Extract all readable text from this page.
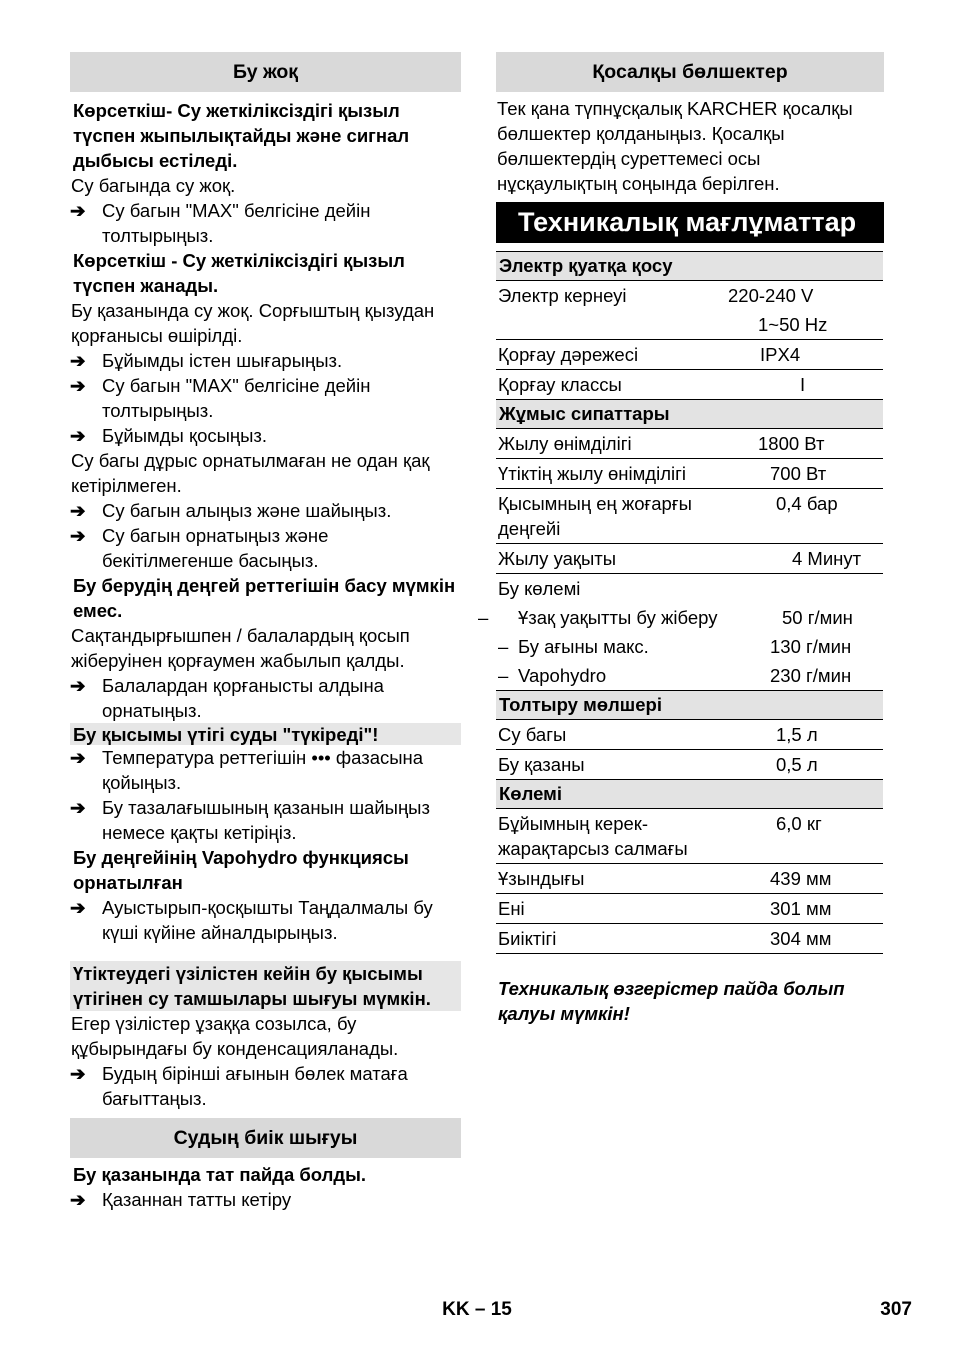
Бу жоқ
Көрсеткіш- Су жеткіліксіздігі қызыл түспен жыпылықтайды және сигнал дыбысы естіледі.
Су багында су жоқ.
➔ Су багын "MAX" белгісіне дейін толтырыңыз.
Көрсеткіш - Су жеткіліксіздігі қызыл түспен жанады.
Бу қазанында су жоқ. Сорғыштың қызудан қорғанысы өшірілді.
➔ Бұйымды істен шығарыңыз.
➔ Су багын "MAX" белгісіне дейін толтырыңыз.
➔ Бұйымды қосыңыз.
Су багы дұрыс орнатылмаған не одан қақ кетірілмеген.
➔ Су багын алыңыз және шайыңыз.
➔ Су багын орнатыңыз және бекітілмегенше басыңыз.
Бу берудің деңгей реттегішін басу мүмкін емес.
Сақтандырғышпен / балалардың қосып жіберуінен қорғаумен жабылып қалды.
➔ Балалардан қорғанысты алдына орнатыңыз.
Бу қысымы үтігі суды "түкіреді"!
➔ Температура реттегішін ••• фазасына қойыңыз.
➔ Бу тазалағышының қазанын шайыңыз немесе қақты кетіріңіз.
Бу деңгейінің Vapohydro функциясы орнатылған
➔ Ауыстырып-қосқышты Таңдалмалы бу күші күйіне айналдырыңыз.
Үтіктеудегі үзілістен кейін бу қысымы үтігінен су тамшылары шығуы мүмкін.
Егер үзілістер ұзаққа созылса, бу құбырындағы бу конденсацияланады.
➔ Будың бірінші ағынын бөлек матаға бағыттаңыз.
Судың биік шығуы
Бу қазанында тат пайда болды.
➔ Қазаннан татты кетіру
Қосалқы бөлшектер
Тек қана түпнұсқалық KARCHER қосалқы бөлшектер қолданыңыз. Қосалқы бөлшектердің суреттемесі осы нұсқаулықтың соңында берілген.
Техникалық мағлұматтар
Электр қуатқа қосу
Электр кернеуі	220-240 V
	1~50 Hz
Қорғау дәрежесі	IPX4
Қорғау классы	I
Жұмыс сипаттары
Жылу өнімділігі	1800 Вт
Үтіктің жылу өнімділігі	700 Вт
Қысымның ең жоғарғы деңгейі	0,4 бар
Жылу уақыты	4 Минут
Бу көлемі

– Ұзақ уақытты бу жіберу	50 г/мин
– Бу ағыны макс.	130 г/мин
– Vapohydro	230 г/мин
Толтыру мөлшері
Су багы	1,5 л
Бу қазаны	0,5 л
Көлемі
Бұйымның керек-жарақтарсыз салмағы	6,0 кг
Ұзындығы	439 мм
Ені	301 мм
Биіктігі	304 мм
Техникалық өзгерістер пайда болып қалуы мүмкін!
KK – 15	307
